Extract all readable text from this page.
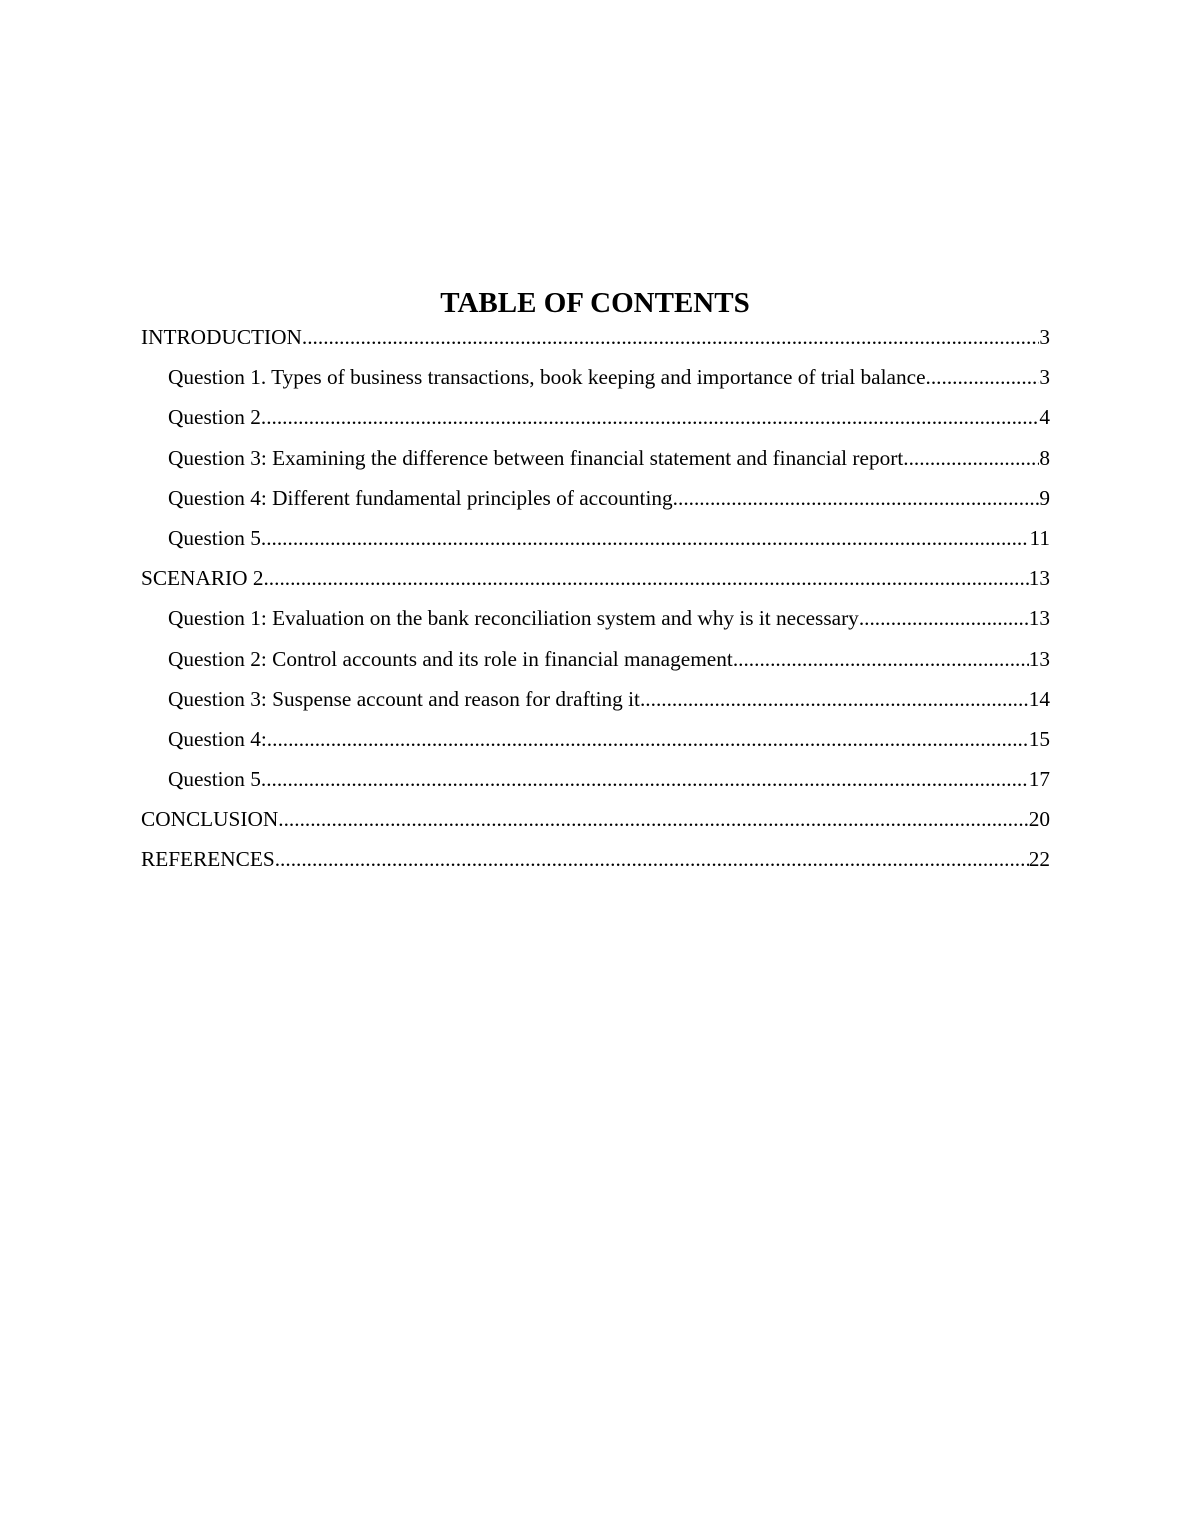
TABLE OF CONTENTS
INTRODUCTION .....	3
Question 1. Types of business transactions, book keeping and importance of trial balance .....	3
Question 2 .....	4
Question 3: Examining the difference between financial statement and financial report .....	8
Question 4: Different fundamental principles of accounting .....	9
Question 5 .....	11
SCENARIO 2 .....	13
Question 1: Evaluation on the bank reconciliation system and why is it necessary .....	13
Question 2: Control accounts and its role in financial management .....	13
Question 3: Suspense account and reason for drafting it .....	14
Question 4: .....	15
Question 5 .....	17
CONCLUSION .....	20
REFERENCES .....	22
